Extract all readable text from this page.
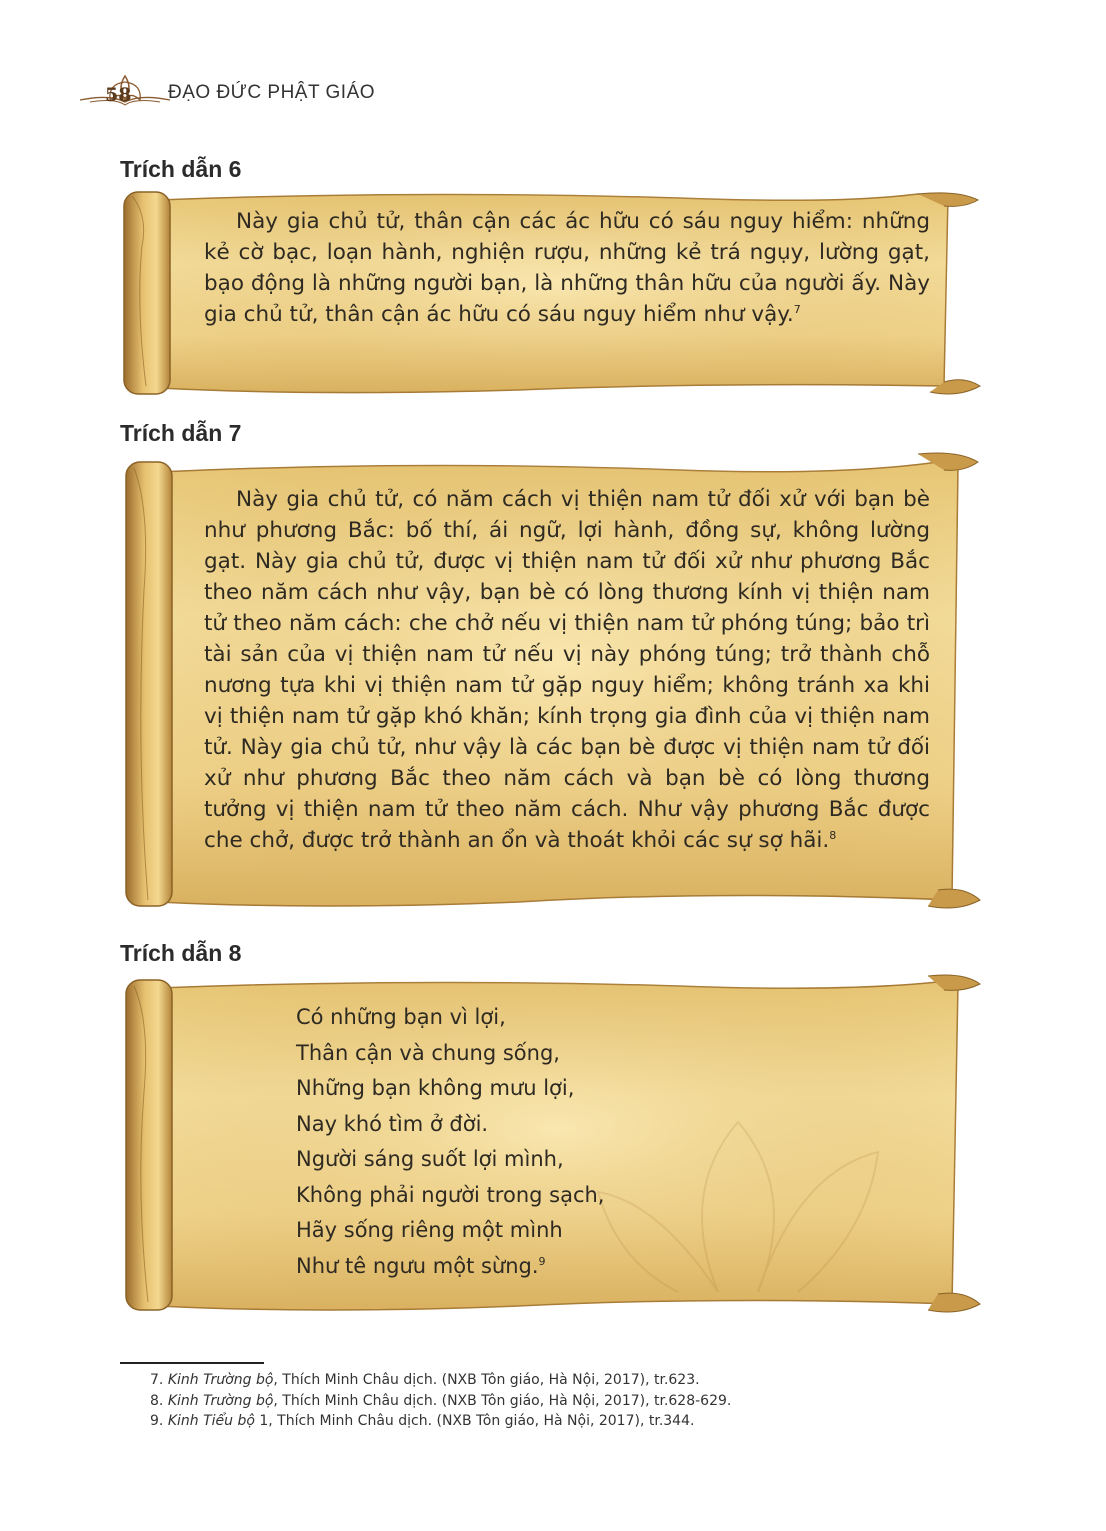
58 ĐẠO ĐỨC PHẬT GIÁO
Trích dẫn 6

Này gia chủ tử, thân cận các ác hữu có sáu nguy hiểm: những kẻ cờ bạc, loạn hành, nghiện rượu, những kẻ trá ngụy, lường gạt, bạo động là những người bạn, là những thân hữu của người ấy. Này gia chủ tử, thân cận ác hữu có sáu nguy hiểm như vậy.$^7$

Trích dẫn 7

Này gia chủ tử, có năm cách vị thiện nam tử đối xử với bạn bè như phương Bắc: bố thí, ái ngữ, lợi hành, đồng sự, không lường gạt. Này gia chủ tử, được vị thiện nam tử đối xử như phương Bắc theo năm cách như vậy, bạn bè có lòng thương kính vị thiện nam tử theo năm cách: che chở nếu vị thiện nam tử phóng túng; bảo trì tài sản của vị thiện nam tử nếu vị này phóng túng; trở thành chỗ nương tựa khi vị thiện nam tử gặp nguy hiểm; không tránh xa khi vị thiện nam tử gặp khó khăn; kính trọng gia đình của vị thiện nam tử. Này gia chủ tử, như vậy là các bạn bè được vị thiện nam tử đối xử như phương Bắc theo năm cách và bạn bè có lòng thương tưởng vị thiện nam tử theo năm cách. Như vậy phương Bắc được che chở, được trở thành an ổn và thoát khỏi các sự sợ hãi.$^8$

Trích dẫn 8
Có những bạn vì lợi,
Thân cận và chung sống,
Những bạn không mưu lợi,
Nay khó tìm ở đời.
Người sáng suốt lợi mình,
Không phải người trong sạch,
Hãy sống riêng một mình
Như tê ngưu một sừng.$^9$
7. Kinh Trường bộ, Thích Minh Châu dịch. (NXB Tôn giáo, Hà Nội, 2017), tr.623.
8. Kinh Trường bộ, Thích Minh Châu dịch. (NXB Tôn giáo, Hà Nội, 2017), tr.628-629.
9. Kinh Tiểu bộ 1, Thích Minh Châu dịch. (NXB Tôn giáo, Hà Nội, 2017), tr.344.
